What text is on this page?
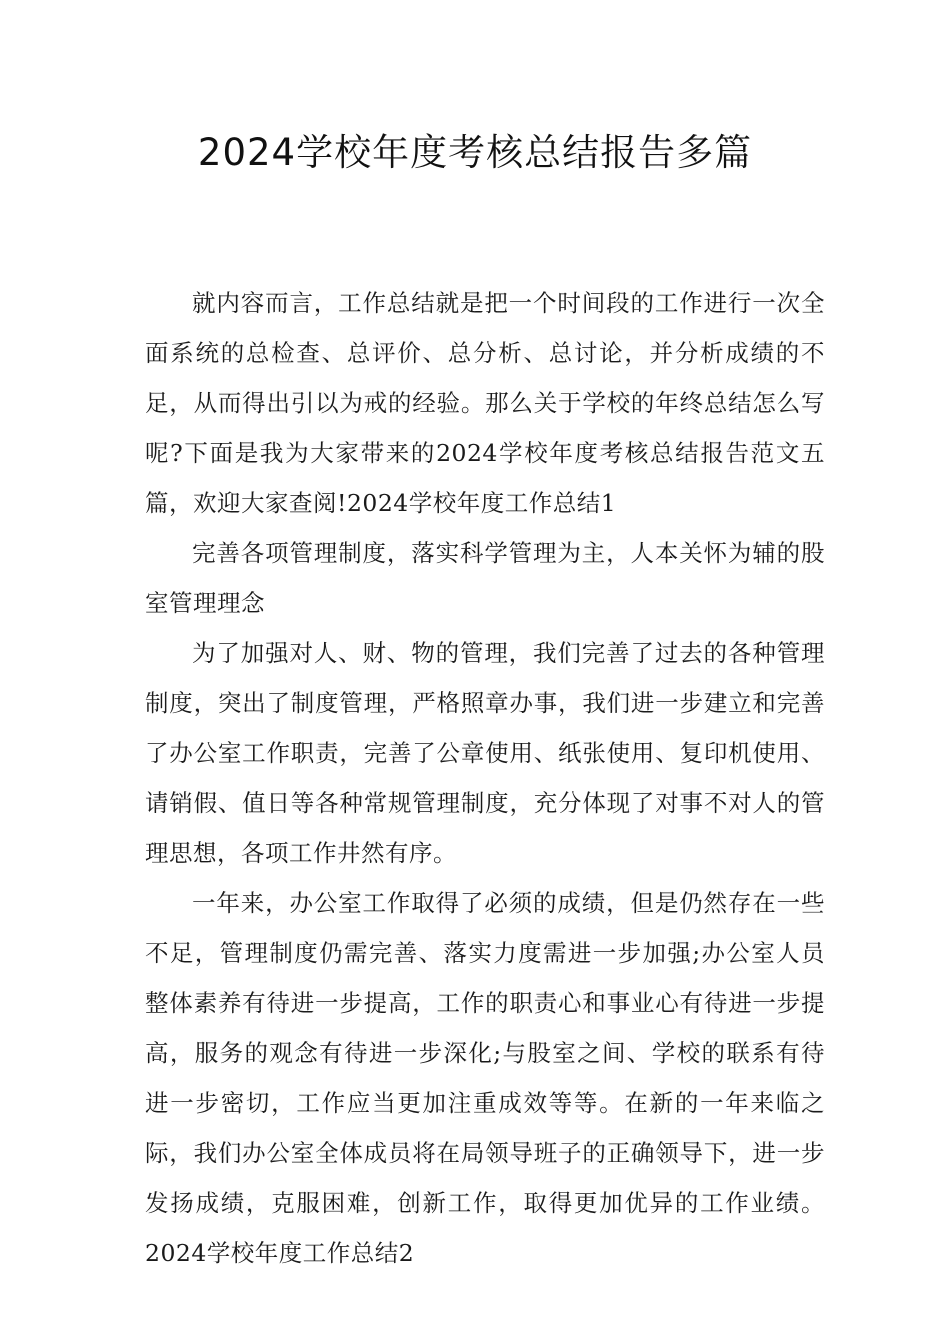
2024学校年度考核总结报告多篇

就内容而言，工作总结就是把一个时间段的工作进行一次全面系统的总检查、总评价、总分析、总讨论，并分析成绩的不足，从而得出引以为戒的经验。那么关于学校的年终总结怎么写呢?下面是我为大家带来的2024学校年度考核总结报告范文五篇，欢迎大家查阅!2024学校年度工作总结1

完善各项管理制度，落实科学管理为主，人本关怀为辅的股室管理理念

为了加强对人、财、物的管理，我们完善了过去的各种管理制度，突出了制度管理，严格照章办事，我们进一步建立和完善了办公室工作职责，完善了公章使用、纸张使用、复印机使用、请销假、值日等各种常规管理制度，充分体现了对事不对人的管理思想，各项工作井然有序。

一年来，办公室工作取得了必须的成绩，但是仍然存在一些不足，管理制度仍需完善、落实力度需进一步加强;办公室人员整体素养有待进一步提高，工作的职责心和事业心有待进一步提高，服务的观念有待进一步深化;与股室之间、学校的联系有待进一步密切，工作应当更加注重成效等等。在新的一年来临之际，我们办公室全体成员将在局领导班子的正确领导下，进一步发扬成绩，克服困难，创新工作，取得更加优异的工作业绩。2024学校年度工作总结2
